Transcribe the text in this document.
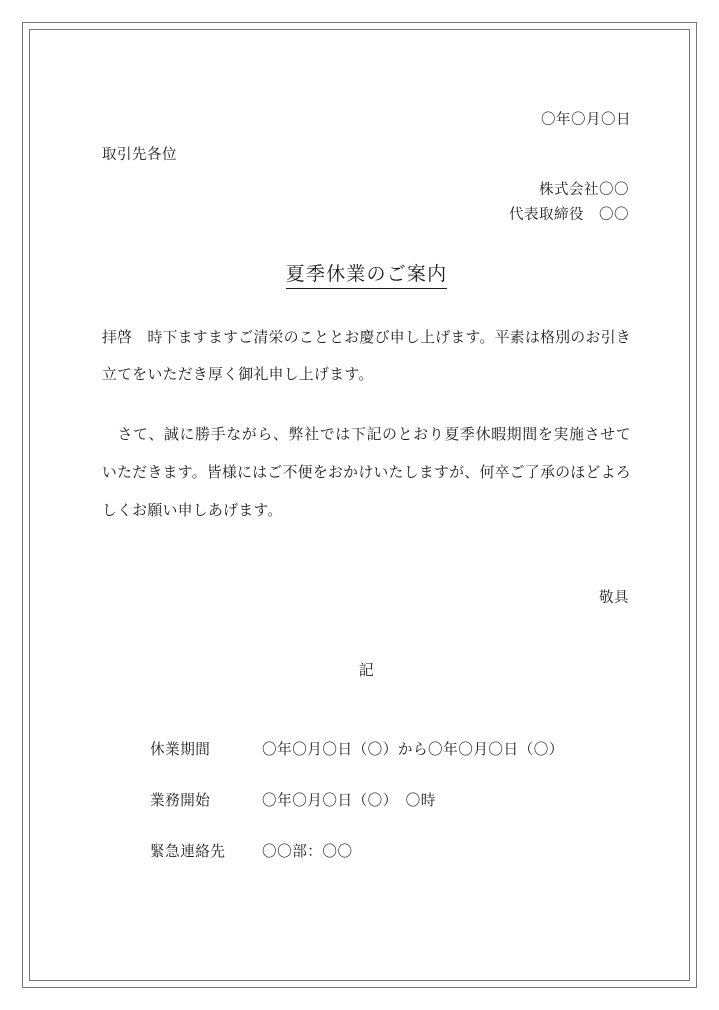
〇年〇月〇日
取引先各位
株式会社〇〇
代表取締役　〇〇
夏季休業のご案内
拝啓　時下ますますご清栄のこととお慶び申し上げます。平素は格別のお引き立てをいただき厚く御礼申し上げます。
　さて、誠に勝手ながら、弊社では下記のとおり夏季休暇期間を実施させていただきます。皆様にはご不便をおかけいたしますが、何卒ご了承のほどよろしくお願い申しあげます。
敬具
記
休業期間	〇年〇月〇日（〇）から〇年〇月〇日（〇）
業務開始	〇年〇月〇日（〇）　〇時
緊急連絡先	〇〇部：〇〇
